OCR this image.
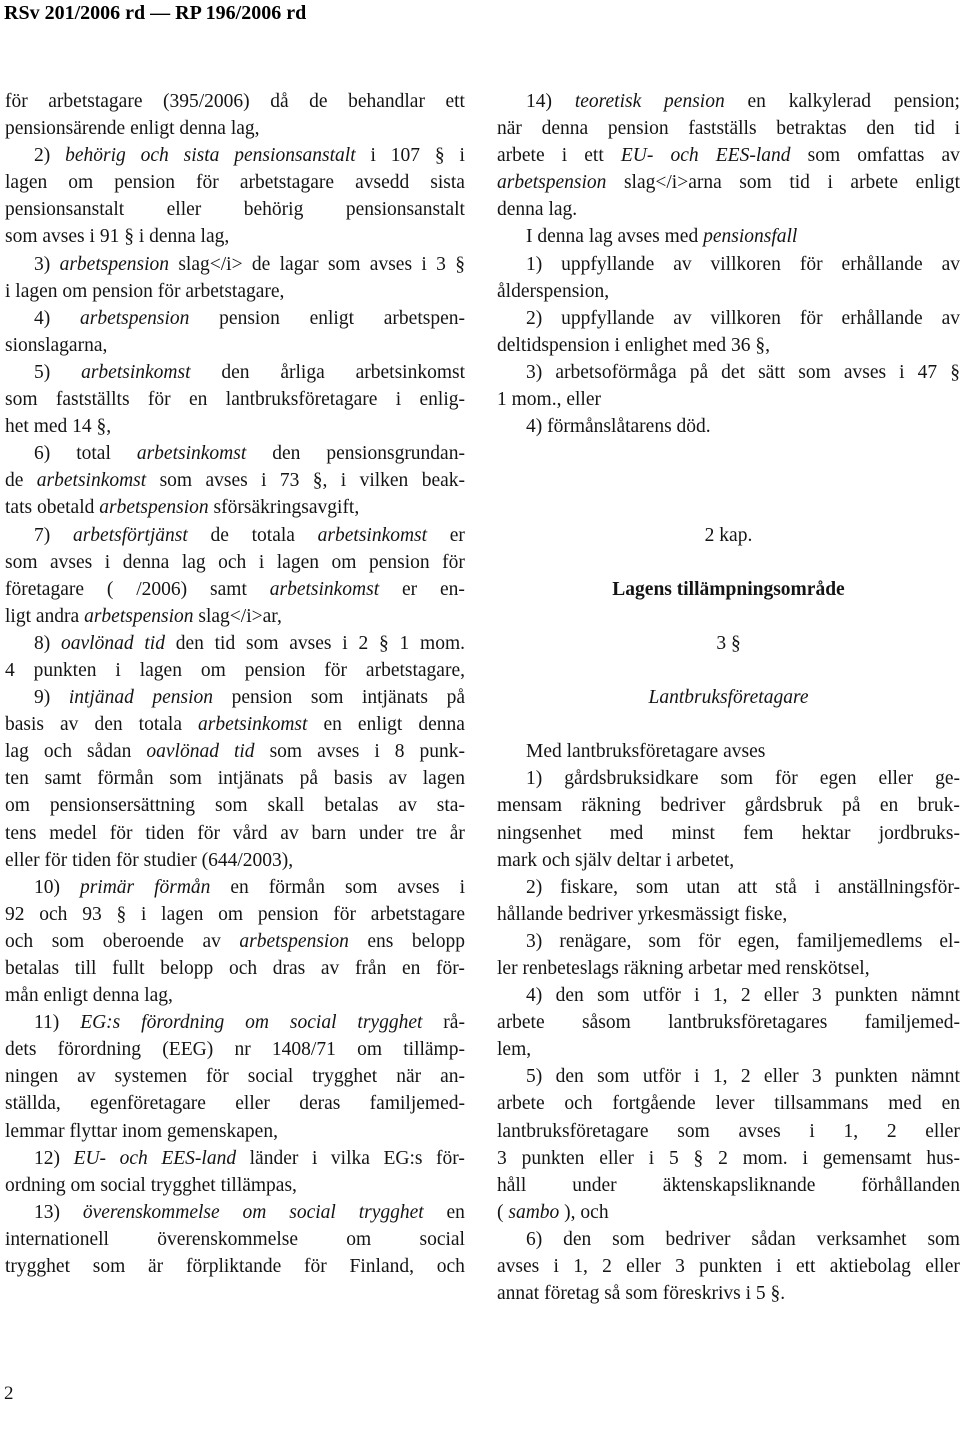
RSv 201/2006 rd — RP 196/2006 rd
för arbetstagare (395/2006) då de behandlar ett
pensionsärende enligt denna lag,
2) behörig och sista pensionsanstalt i 107 § i
lagen om pension för arbetstagare avsedd sista
pensionsanstalt eller behörig pensionsanstalt
som avses i 91 § i denna lag,
3) arbetspension slag</i> de lagar som avses i 3 §
i lagen om pension för arbetstagare,
4) arbetspension pension enligt arbetspen-
sionslagarna,
5) arbetsinkomst den årliga arbetsinkomst
som fastställts för en lantbruksföretagare i enlig-
het med 14 §,
6) total arbetsinkomst den pensionsgrundan-
de arbetsinkomst som avses i 73 §, i vilken beak-
tats obetald arbetspension sförsäkringsavgift,
7) arbetsförtjänst de totala arbetsinkomst er
som avses i denna lag och i lagen om pension för
företagare ( /2006) samt arbetsinkomst er en-
ligt andra arbetspension slag</i>ar,
8) oavlönad tid den tid som avses i 2 § 1 mom.
4 punkten i lagen om pension för arbetstagare,
9) intjänad pension pension som intjänats på
basis av den totala arbetsinkomst en enligt denna
lag och sådan oavlönad tid som avses i 8 punk-
ten samt förmån som intjänats på basis av lagen
om pensionsersättning som skall betalas av sta-
tens medel för tiden för vård av barn under tre år
eller för tiden för studier (644/2003),
10) primär förmån en förmån som avses i
92 och 93 § i lagen om pension för arbetstagare
och som oberoende av arbetspension ens belopp
betalas till fullt belopp och dras av från en för-
mån enligt denna lag,
11) EG:s förordning om social trygghet rå-
dets förordning (EEG) nr 1408/71 om tillämp-
ningen av systemen för social trygghet när an-
ställda, egenföretagare eller deras familjemed-
lemmar flyttar inom gemenskapen,
12) EU- och EES-land länder i vilka EG:s för-
ordning om social trygghet tillämpas,
13) överenskommelse om social trygghet en
internationell överenskommelse om social
trygghet som är förpliktande för Finland, och
14) teoretisk pension en kalkylerad pension;
när denna pension fastställs betraktas den tid i
arbete i ett EU- och EES-land som omfattas av
arbetspension slag</i>arna som tid i arbete enligt
denna lag.
I denna lag avses med pensionsfall
1) uppfyllande av villkoren för erhållande av
ålderspension,
2) uppfyllande av villkoren för erhållande av
deltidspension i enlighet med 36 §,
3) arbetsoförmåga på det sätt som avses i 47 §
1 mom., eller
4) förmånslåtarens död.
2 kap.
Lagens tillämpningsområde
3 §
Lantbruksföretagare
Med lantbruksföretagare avses
1) gårdsbruksidkare som för egen eller ge-
mensam räkning bedriver gårdsbruk på en bruk-
ningsenhet med minst fem hektar jordbruks-
mark och själv deltar i arbetet,
2) fiskare, som utan att stå i anställningsför-
hållande bedriver yrkesmässigt fiske,
3) renägare, som för egen, familjemedlems el-
ler renbeteslags räkning arbetar med renskötsel,
4) den som utför i 1, 2 eller 3 punkten nämnt
arbete såsom lantbruksföretagares familjemed-
lem,
5) den som utför i 1, 2 eller 3 punkten nämnt
arbete och fortgående lever tillsammans med en
lantbruksföretagare som avses i 1, 2 eller
3 punkten eller i 5 § 2 mom. i gemensamt hus-
håll under äktenskapsliknande förhållanden
( sambo ), och
6) den som bedriver sådan verksamhet som
avses i 1, 2 eller 3 punkten i ett aktiebolag eller
annat företag så som föreskrivs i 5 §.
2
